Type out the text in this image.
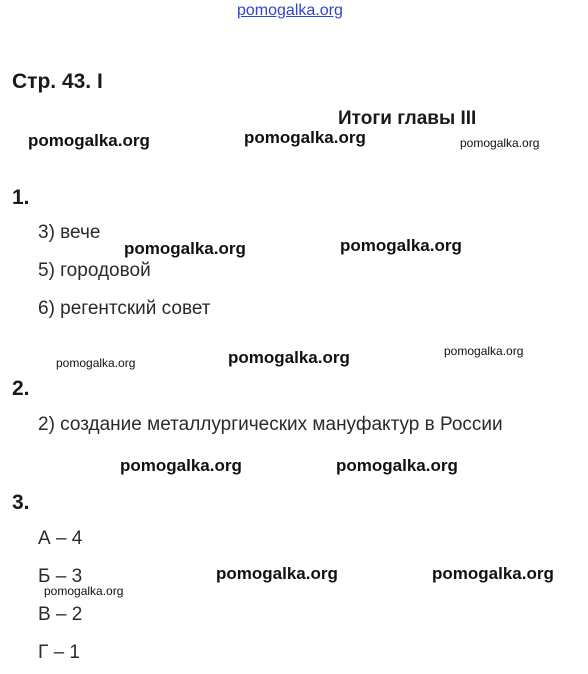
pomogalka.org
Стр. 43. I
Итоги главы III
pomogalka.org	pomogalka.org	pomogalka.org
1.
3) вече
pomogalka.org	pomogalka.org
5) городовой
6) регентский совет
pomogalka.org	pomogalka.org	pomogalka.org
2.
2) создание металлургических мануфактур в России
pomogalka.org	pomogalka.org
3.
А – 4
Б – 3
pomogalka.org
pomogalka.org	pomogalka.org
В – 2
Г – 1
